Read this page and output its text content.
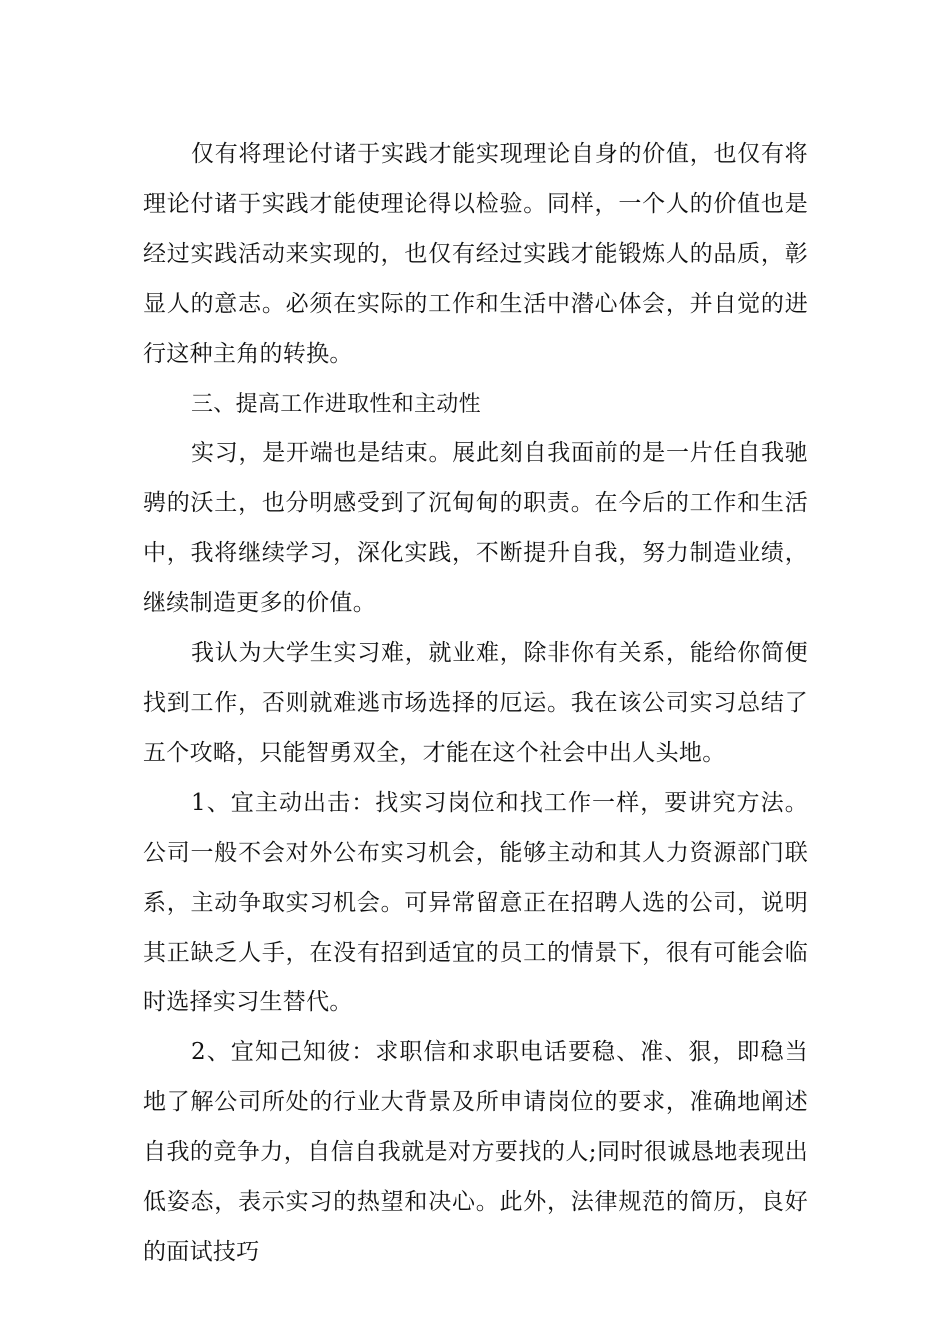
仅有将理论付诸于实践才能实现理论自身的价值，也仅有将理论付诸于实践才能使理论得以检验。同样，一个人的价值也是经过实践活动来实现的，也仅有经过实践才能锻炼人的品质，彰显人的意志。必须在实际的工作和生活中潜心体会，并自觉的进行这种主角的转换。

三、提高工作进取性和主动性

实习，是开端也是结束。展此刻自我面前的是一片任自我驰骋的沃土，也分明感受到了沉甸甸的职责。在今后的工作和生活中，我将继续学习，深化实践，不断提升自我，努力制造业绩，继续制造更多的价值。

我认为大学生实习难，就业难，除非你有关系，能给你简便找到工作，否则就难逃市场选择的厄运。我在该公司实习总结了五个攻略，只能智勇双全，才能在这个社会中出人头地。

1、宜主动出击：找实习岗位和找工作一样，要讲究方法。公司一般不会对外公布实习机会，能够主动和其人力资源部门联系，主动争取实习机会。可异常留意正在招聘人选的公司，说明其正缺乏人手，在没有招到适宜的员工的情景下，很有可能会临时选择实习生替代。

2、宜知己知彼：求职信和求职电话要稳、准、狠，即稳当地了解公司所处的行业大背景及所申请岗位的要求，准确地阐述自我的竞争力，自信自我就是对方要找的人;同时很诚恳地表现出低姿态，表示实习的热望和决心。此外，法律规范的简历，良好的面试技巧
